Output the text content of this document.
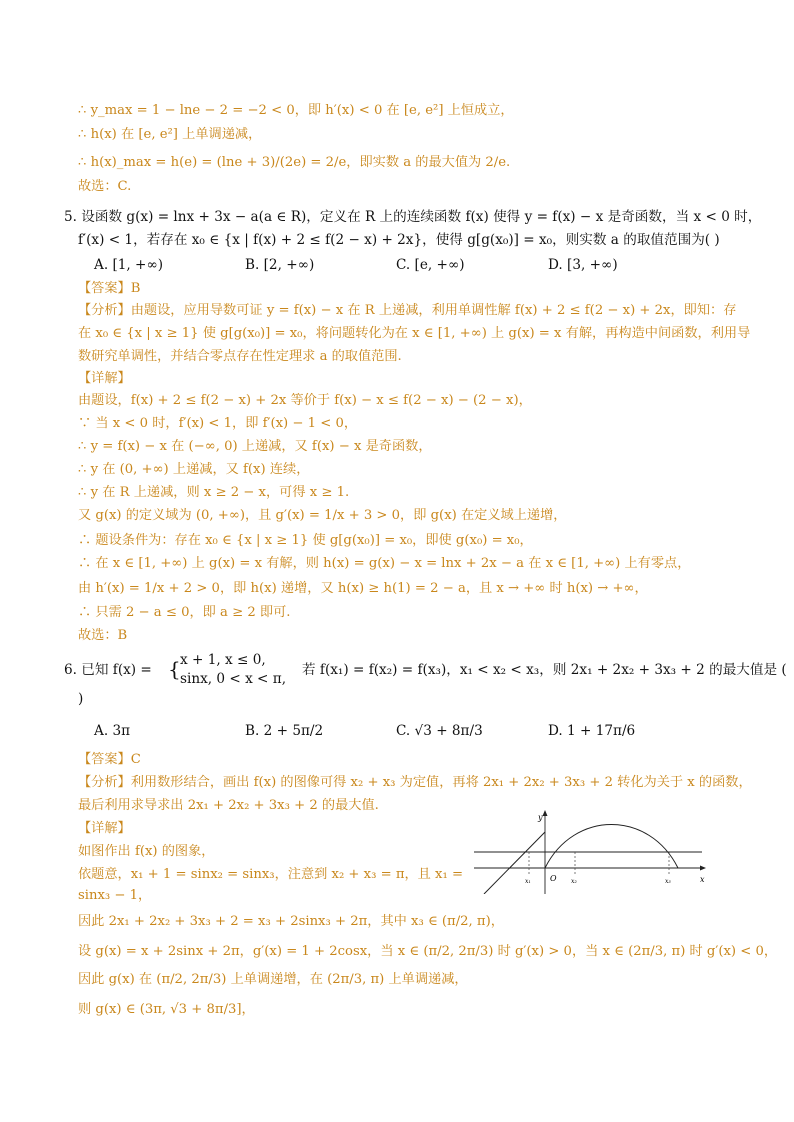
∴ y_max = 1 − lne − 2 = −2 < 0，即 h′(x) < 0 在 [e, e²] 上恒成立，
∴ h(x) 在 [e, e²] 上单调递减，
∴ h(x)_max = h(e) = (lne + 3)/(2e) = 2/e，即实数 a 的最大值为 2/e.
故选：C.
5. 设函数 g(x) = lnx + 3x − a(a ∈ R)，定义在 R 上的连续函数 f(x) 使得 y = f(x) − x 是奇函数，当 x < 0 时，
f′(x) < 1，若存在 x₀ ∈ {x | f(x) + 2 ≤ f(2 − x) + 2x}，使得 g[g(x₀)] = x₀，则实数 a 的取值范围为( )
A. [1, +∞)	B. [2, +∞)	C. [e, +∞)	D. [3, +∞)
【答案】B
【分析】由题设，应用导数可证 y = f(x) − x 在 R 上递减，利用单调性解 f(x) + 2 ≤ f(2 − x) + 2x，即知：存
在 x₀ ∈ {x | x ≥ 1} 使 g[g(x₀)] = x₀，将问题转化为在 x ∈ [1, +∞) 上 g(x) = x 有解，再构造中间函数，利用导
数研究单调性，并结合零点存在性定理求 a 的取值范围.
【详解】
由题设，f(x) + 2 ≤ f(2 − x) + 2x 等价于 f(x) − x ≤ f(2 − x) − (2 − x)，
∵ 当 x < 0 时，f′(x) < 1，即 f′(x) − 1 < 0，
∴ y = f(x) − x 在 (−∞, 0) 上递减，又 f(x) − x 是奇函数，
∴ y 在 (0, +∞) 上递减，又 f(x) 连续，
∴ y 在 R 上递减，则 x ≥ 2 − x，可得 x ≥ 1.
又 g(x) 的定义域为 (0, +∞)，且 g′(x) = 1/x + 3 > 0，即 g(x) 在定义域上递增，
∴ 题设条件为：存在 x₀ ∈ {x | x ≥ 1} 使 g[g(x₀)] = x₀，即使 g(x₀) = x₀，
∴ 在 x ∈ [1, +∞) 上 g(x) = x 有解，则 h(x) = g(x) − x = lnx + 2x − a 在 x ∈ [1, +∞) 上有零点，
由 h′(x) = 1/x + 2 > 0，即 h(x) 递增，又 h(x) ≥ h(1) = 2 − a，且 x → +∞ 时 h(x) → +∞，
∴ 只需 2 − a ≤ 0，即 a ≥ 2 即可.
故选：B
6. 已知 f(x) = { x + 1, x ≤ 0,
sinx, 0 < x < π,
若 f(x₁) = f(x₂) = f(x₃)，x₁ < x₂ < x₃，则 2x₁ + 2x₂ + 3x₃ + 2 的最大值是 (
)
A. 3π	B. 2 + 5π/2	C. √3 + 8π/3	D. 1 + 17π/6
【答案】C
【分析】利用数形结合，画出 f(x) 的图像可得 x₂ + x₃ 为定值，再将 2x₁ + 2x₂ + 3x₃ + 2 转化为关于 x 的函数，
最后利用求导求出 2x₁ + 2x₂ + 3x₃ + 2 的最大值.
【详解】
如图作出 f(x) 的图象，
依题意，x₁ + 1 = sinx₂ = sinx₃，注意到 x₂ + x₃ = π，且 x₁ =
sinx₃ − 1，
因此 2x₁ + 2x₂ + 3x₃ + 2 = x₃ + 2sinx₃ + 2π，其中 x₃ ∈ (π/2, π)，
设 g(x) = x + 2sinx + 2π，g′(x) = 1 + 2cosx，当 x ∈ (π/2, 2π/3) 时 g′(x) > 0，当 x ∈ (2π/3, π) 时 g′(x) < 0，
因此 g(x) 在 (π/2, 2π/3) 上单调递增，在 (2π/3, π) 上单调递减，
则 g(x) ∈ (3π, √3 + 8π/3]，
y
x
O
x₁	x₂	x₃
